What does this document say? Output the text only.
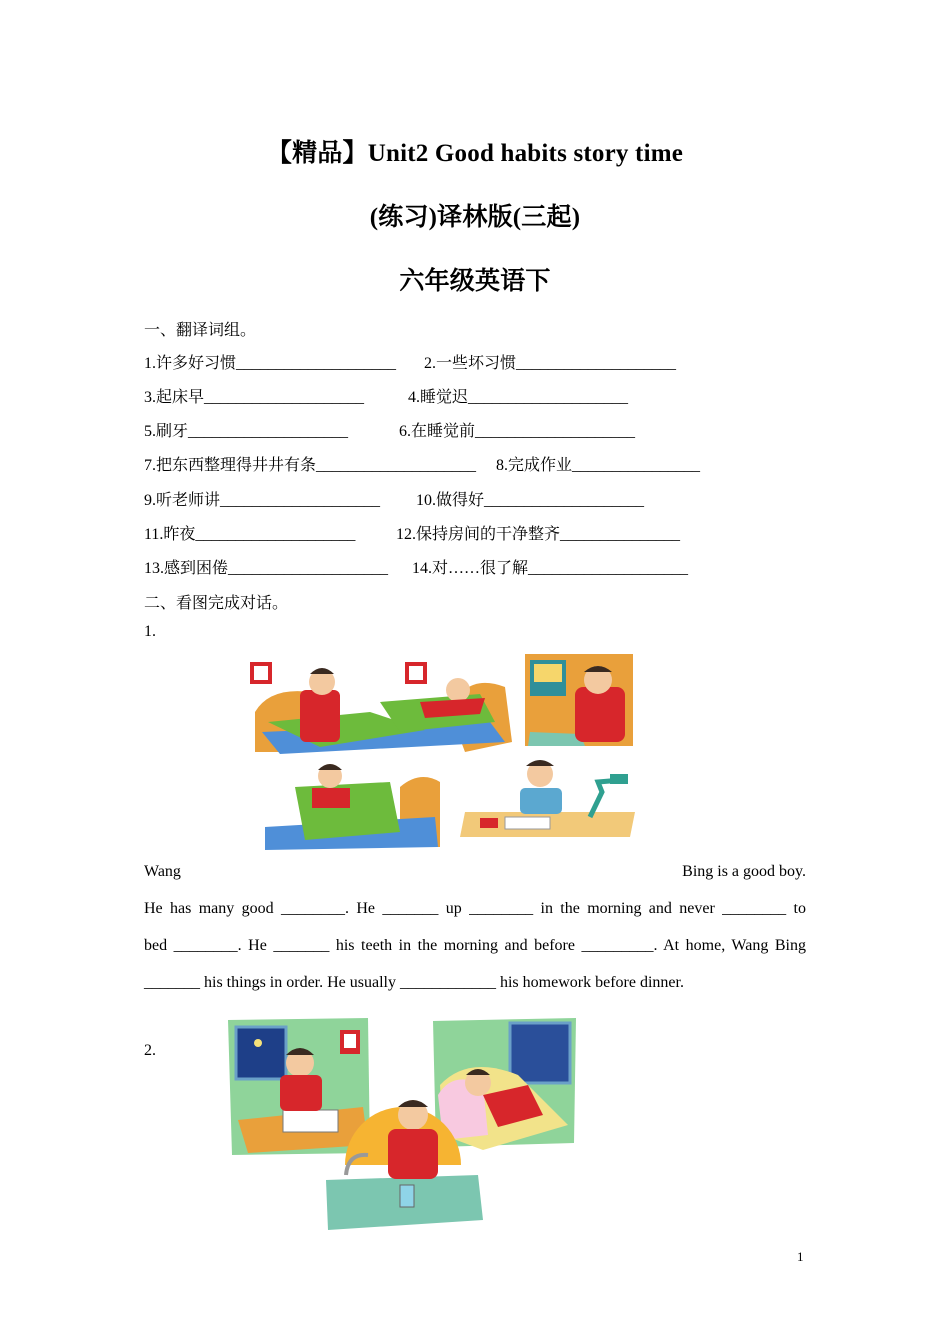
【精品】Unit2 Good habits story time
(练习)译林版(三起)
六年级英语下
一、翻译词组。
1.许多好习惯____________________ 2.一些坏习惯____________________
3.起床早____________________	4.睡觉迟____________________
5.刷牙____________________	6.在睡觉前____________________
7.把东西整理得井井有条____________________ 8.完成作业________________
9.听老师讲____________________ 10.做得好____________________
11.昨夜____________________	12.保持房间的干净整齐_______________
13.感到困倦____________________ 14.对……很了解____________________
二、看图完成对话。
1.
Wang	Bing is a good boy.
He has many good ________. He _______ up ________ in the morning and never ________ to
bed ________. He _______ his teeth in the morning and before _________. At home, Wang Bing
_______ his things in order. He usually ____________ his homework before dinner.
2.
1
